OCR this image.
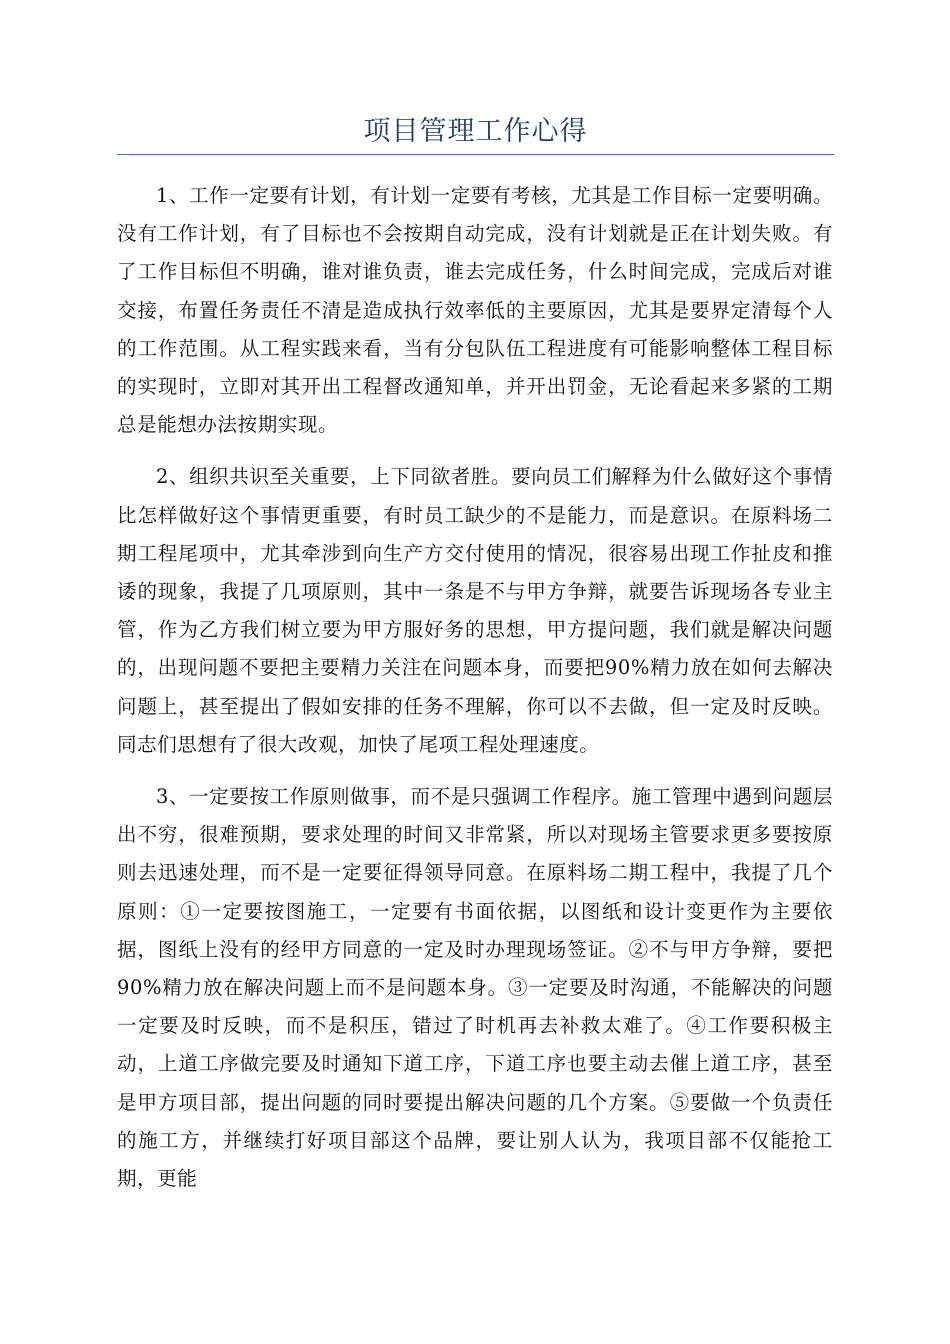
项目管理工作心得

1、工作一定要有计划，有计划一定要有考核，尤其是工作目标一定要明确。没有工作计划，有了目标也不会按期自动完成，没有计划就是正在计划失败。有了工作目标但不明确，谁对谁负责，谁去完成任务，什么时间完成，完成后对谁交接，布置任务责任不清是造成执行效率低的主要原因，尤其是要界定清每个人的工作范围。从工程实践来看，当有分包队伍工程进度有可能影响整体工程目标的实现时，立即对其开出工程督改通知单，并开出罚金，无论看起来多紧的工期总是能想办法按期实现。

2、组织共识至关重要，上下同欲者胜。要向员工们解释为什么做好这个事情比怎样做好这个事情更重要，有时员工缺少的不是能力，而是意识。在原料场二期工程尾项中，尤其牵涉到向生产方交付使用的情况，很容易出现工作扯皮和推诿的现象，我提了几项原则，其中一条是不与甲方争辩，就要告诉现场各专业主管，作为乙方我们树立要为甲方服好务的思想，甲方提问题，我们就是解决问题的，出现问题不要把主要精力关注在问题本身，而要把90%精力放在如何去解决问题上，甚至提出了假如安排的任务不理解，你可以不去做，但一定及时反映。同志们思想有了很大改观，加快了尾项工程处理速度。

3、一定要按工作原则做事，而不是只强调工作程序。施工管理中遇到问题层出不穷，很难预期，要求处理的时间又非常紧，所以对现场主管要求更多要按原则去迅速处理，而不是一定要征得领导同意。在原料场二期工程中，我提了几个原则：①一定要按图施工，一定要有书面依据，以图纸和设计变更作为主要依据，图纸上没有的经甲方同意的一定及时办理现场签证。②不与甲方争辩，要把90%精力放在解决问题上而不是问题本身。③一定要及时沟通，不能解决的问题一定要及时反映，而不是积压，错过了时机再去补救太难了。④工作要积极主动，上道工序做完要及时通知下道工序，下道工序也要主动去催上道工序，甚至是甲方项目部，提出问题的同时要提出解决问题的几个方案。⑤要做一个负责任的施工方，并继续打好项目部这个品牌，要让别人认为，我项目部不仅能抢工期，更能
